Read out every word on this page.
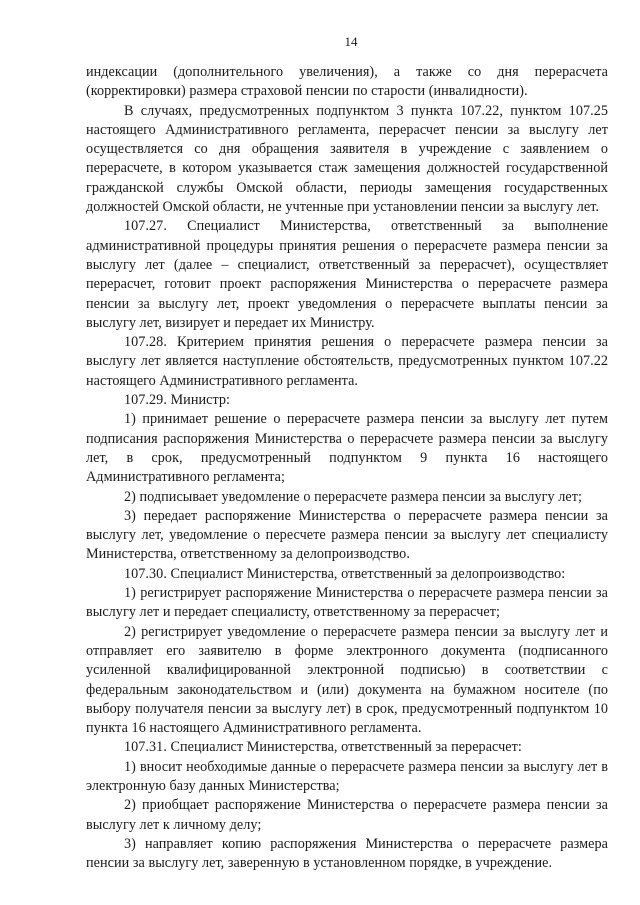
14

индексации (дополнительного увеличения), а также со дня перерасчета (корректировки) размера страховой пенсии по старости (инвалидности).

В случаях, предусмотренных подпунктом 3 пункта 107.22, пунктом 107.25 настоящего Административного регламента, перерасчет пенсии за выслугу лет осуществляется со дня обращения заявителя в учреждение с заявлением о перерасчете, в котором указывается стаж замещения должностей государственной гражданской службы Омской области, периоды замещения государственных должностей Омской области, не учтенные при установлении пенсии за выслугу лет.

107.27. Специалист Министерства, ответственный за выполнение административной процедуры принятия решения о перерасчете размера пенсии за выслугу лет (далее – специалист, ответственный за перерасчет), осуществляет перерасчет, готовит проект распоряжения Министерства о перерасчете размера пенсии за выслугу лет, проект уведомления о перерасчете выплаты пенсии за выслугу лет, визирует и передает их Министру.

107.28. Критерием принятия решения о перерасчете размера пенсии за выслугу лет является наступление обстоятельств, предусмотренных пунктом 107.22 настоящего Административного регламента.

107.29. Министр:

1) принимает решение о перерасчете размера пенсии за выслугу лет путем подписания распоряжения Министерства о перерасчете размера пенсии за выслугу лет, в срок, предусмотренный подпунктом 9 пункта 16 настоящего Административного регламента;

2) подписывает уведомление о перерасчете размера пенсии за выслугу лет;

3) передает распоряжение Министерства о перерасчете размера пенсии за выслугу лет, уведомление о пересчете размера пенсии за выслугу лет специалисту Министерства, ответственному за делопроизводство.

107.30. Специалист Министерства, ответственный за делопроизводство:

1) регистрирует распоряжение Министерства о перерасчете размера пенсии за выслугу лет и передает специалисту, ответственному за перерасчет;

2) регистрирует уведомление о перерасчете размера пенсии за выслугу лет и отправляет его заявителю в форме электронного документа (подписанного усиленной квалифицированной электронной подписью) в соответствии с федеральным законодательством и (или) документа на бумажном носителе (по выбору получателя пенсии за выслугу лет) в срок, предусмотренный подпунктом 10 пункта 16 настоящего Административного регламента.

107.31. Специалист Министерства, ответственный за перерасчет:

1) вносит необходимые данные о перерасчете размера пенсии за выслугу лет в электронную базу данных Министерства;

2) приобщает распоряжение Министерства о перерасчете размера пенсии за выслугу лет к личному делу;

3) направляет копию распоряжения Министерства о перерасчете размера пенсии за выслугу лет, заверенную в установленном порядке, в учреждение.
